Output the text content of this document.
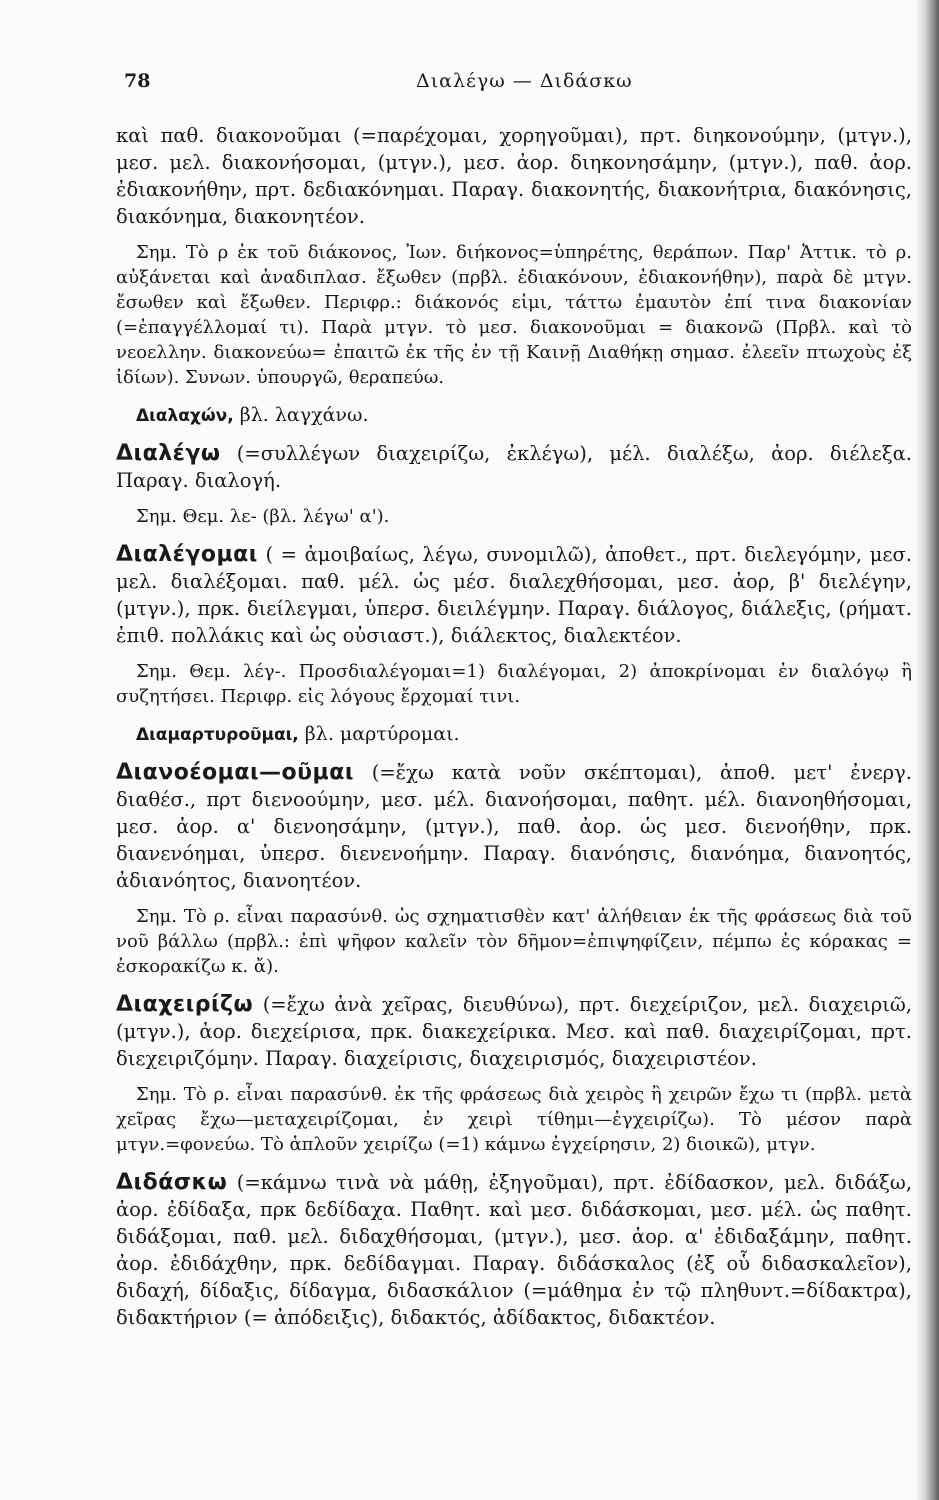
78	Διαλέγω — Διδάσκω

καὶ παθ. διακονοῦμαι (=παρέχομαι, χορηγοῦμαι), πρτ. διηκονούμην, (μτγν.), μεσ. μελ. διακονήσομαι, (μτγν.), μεσ. ἀορ. διηκονησάμην, (μτγν.), παθ. ἀορ. ἐδιακονήθην, πρτ. δεδιακόνημαι. Παραγ. διακονητής, διακονήτρια, διακόνησις, διακόνημα, διακονητέον.

Σημ. Τὸ ρ ἐκ τοῦ διάκονος, Ἰων. διήκονος=ὑπηρέτης, θεράπων. Παρ' Ἀττικ. τὸ ρ. αὐξάνεται καὶ ἀναδιπλασ. ἔξωθεν (πρβλ. ἐδιακόνουν, ἐδιακονήθην), παρὰ δὲ μτγν. ἔσωθεν καὶ ἔξωθεν. Περιφρ.: διάκονός εἰμι, τάττω ἐμαυτὸν ἐπί τινα διακονίαν (=ἐπαγγέλλομαί τι). Παρὰ μτγν. τὸ μεσ. διακονοῦμαι = διακονῶ (Πρβλ. καὶ τὸ νεοελλην. διακονεύω= ἐπαιτῶ ἐκ τῆς ἐν τῇ Καινῇ Διαθήκῃ σημασ. ἐλεεῖν πτωχοὺς ἐξ ἰδίων). Συνων. ὑπουργῶ, θεραπεύω.

Διαλαχών, βλ. λαγχάνω.

Διαλέγω (=συλλέγων διαχειρίζω, ἐκλέγω), μέλ. διαλέξω, ἀορ. διέλεξα. Παραγ. διαλογή.

Σημ. Θεμ. λε- (βλ. λέγω' α').

Διαλέγομαι ( = ἀμοιβαίως, λέγω, συνομιλῶ), ἀποθετ., πρτ. διελεγόμην, μεσ. μελ. διαλέξομαι. παθ. μέλ. ὡς μέσ. διαλεχθήσομαι, μεσ. ἀορ, β' διελέγην, (μτγν.), πρκ. διείλεγμαι, ὑπερσ. διειλέγμην. Παραγ. διάλογος, διάλεξις, (ρήματ. ἐπιθ. πολλάκις καὶ ὡς οὐσιαστ.), διάλεκτος, διαλεκτέον.

Σημ. Θεμ. λέγ-. Προσδιαλέγομαι=1) διαλέγομαι, 2) ἀποκρίνομαι ἐν διαλόγῳ ἢ συζητήσει. Περιφρ. εἰς λόγους ἔρχομαί τινι.

Διαμαρτυροῦμαι, βλ. μαρτύρομαι.

Διανοέομαι—οῦμαι (=ἔχω κατὰ νοῦν σκέπτομαι), ἀποθ. μετ' ἐνεργ. διαθέσ., πρτ διενοούμην, μεσ. μέλ. διανοήσομαι, παθητ. μέλ. διανοηθήσομαι, μεσ. ἀορ. α' διενοησάμην, (μτγν.), παθ. ἀορ. ὡς μεσ. διενοήθην, πρκ. διανενόημαι, ὑπερσ. διενενοήμην. Παραγ. διανόησις, διανόημα, διανοητός, ἀδιανόητος, διανοητέον.

Σημ. Τὸ ρ. εἶναι παρασύνθ. ὡς σχηματισθὲν κατ' ἀλήθειαν ἐκ τῆς φράσεως διὰ τοῦ νοῦ βάλλω (πρβλ.: ἐπὶ ψῆφον καλεῖν τὸν δῆμον=ἐπιψηφίζειν, πέμπω ἐς κόρακας = ἐσκορακίζω κ. ἄ).

Διαχειρίζω (=ἔχω ἀνὰ χεῖρας, διευθύνω), πρτ. διεχείριζον, μελ. διαχειριῶ, (μτγν.), ἀορ. διεχείρισα, πρκ. διακεχείρικα. Μεσ. καὶ παθ. διαχειρίζομαι, πρτ. διεχειριζόμην. Παραγ. διαχείρισις, διαχειρισμός, διαχειριστέον.

Σημ. Τὸ ρ. εἶναι παρασύνθ. ἐκ τῆς φράσεως διὰ χειρὸς ἢ χειρῶν ἔχω τι (πρβλ. μετὰ χεῖρας ἔχω—μεταχειρίζομαι, ἐν χειρὶ τίθημι—ἐγχειρίζω). Τὸ μέσον παρὰ μτγν.=φονεύω. Τὸ ἁπλοῦν χειρίζω (=1) κάμνω ἐγχείρησιν, 2) διοικῶ), μτγν.

Διδάσκω (=κάμνω τινὰ νὰ μάθῃ, ἐξηγοῦμαι), πρτ. ἐδίδασκον, μελ. διδάξω, ἀορ. ἐδίδαξα, πρκ δεδίδαχα. Παθητ. καὶ μεσ. διδάσκομαι, μεσ. μέλ. ὡς παθητ. διδάξομαι, παθ. μελ. διδαχθήσομαι, (μτγν.), μεσ. ἀορ. α' ἐδιδαξάμην, παθητ. ἀορ. ἐδιδάχθην, πρκ. δεδίδαγμαι. Παραγ. διδάσκαλος (ἐξ οὗ διδασκαλεῖον), διδαχή, δίδαξις, δίδαγμα, διδασκάλιον (=μάθημα ἐν τῷ πληθυντ.=δίδακτρα), διδακτήριον (= ἀπόδειξις), διδακτός, ἀδίδακτος, διδακτέον.
